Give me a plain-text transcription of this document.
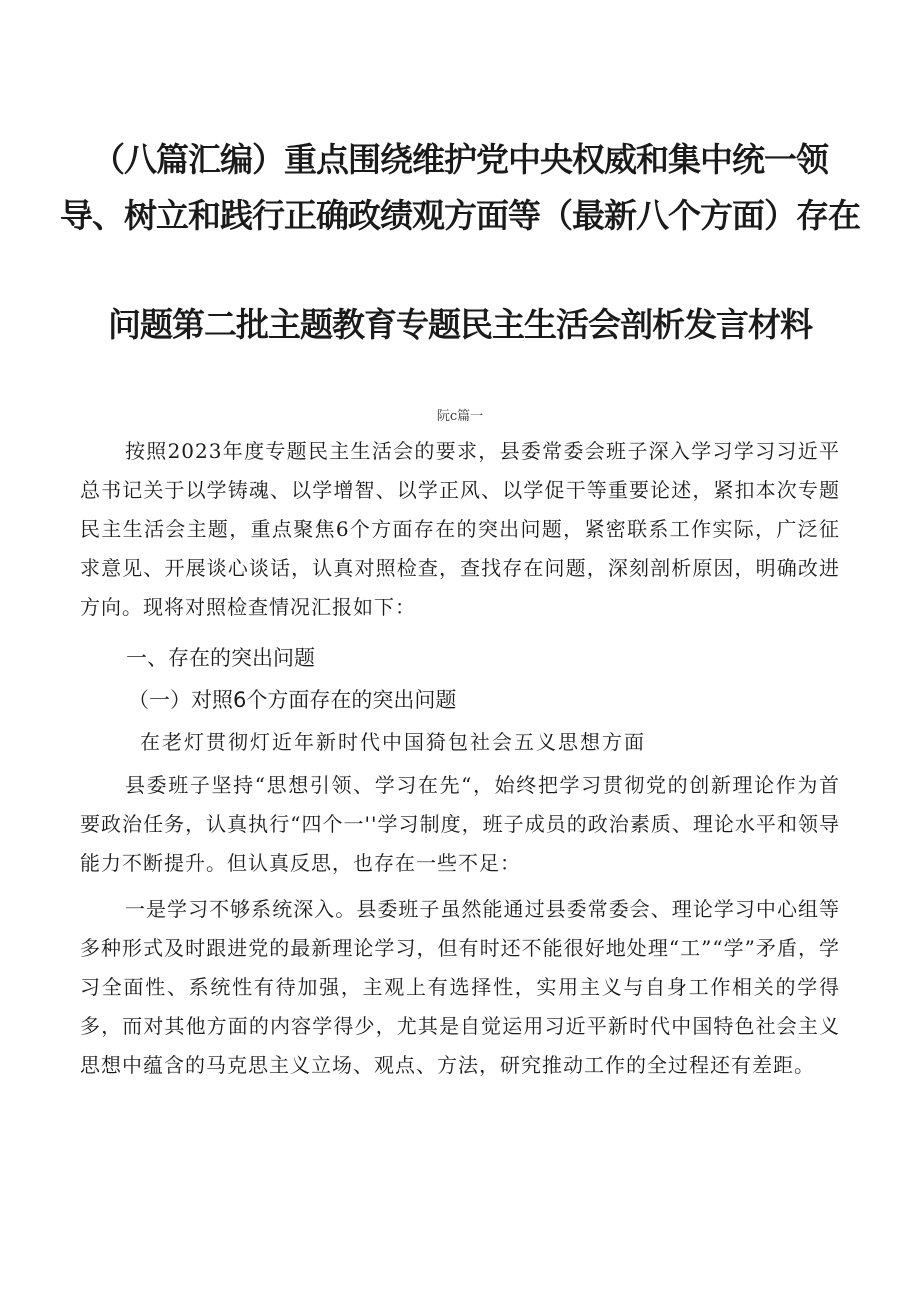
（八篇汇编）重点围绕维护党中央权威和集中统一领
导、树立和践行正确政绩观方面等（最新八个方面）存在
问题第二批主题教育专题民主生活会剖析发言材料
阮c篇一
按照2023年度专题民主生活会的要求，县委常委会班子深入学习学习习近平总书记关于以学铸魂、以学增智、以学正风、以学促干等重要论述，紧扣本次专题民主生活会主题，重点聚焦6个方面存在的突出问题，紧密联系工作实际，广泛征求意见、开展谈心谈话，认真对照检查，查找存在问题，深刻剖析原因，明确改进方向。现将对照检查情况汇报如下：
一、存在的突出问题
（一）对照6个方面存在的突出问题
在老灯贯彻灯近年新时代中国猗包社会五义思想方面
县委班子坚持“思想引领、学习在先“，始终把学习贯彻党的创新理论作为首要政治任务，认真执行“四个一''学习制度，班子成员的政治素质、理论水平和领导能力不断提升。但认真反思，也存在一些不足：
一是学习不够系统深入。县委班子虽然能通过县委常委会、理论学习中心组等多种形式及时跟进党的最新理论学习，但有时还不能很好地处理“工”“学”矛盾，学习全面性、系统性有待加强，主观上有选择性，实用主义与自身工作相关的学得多，而对其他方面的内容学得少，尤其是自觉运用习近平新时代中国特色社会主义思想中蕴含的马克思主义立场、观点、方法，研究推动工作的全过程还有差距。
